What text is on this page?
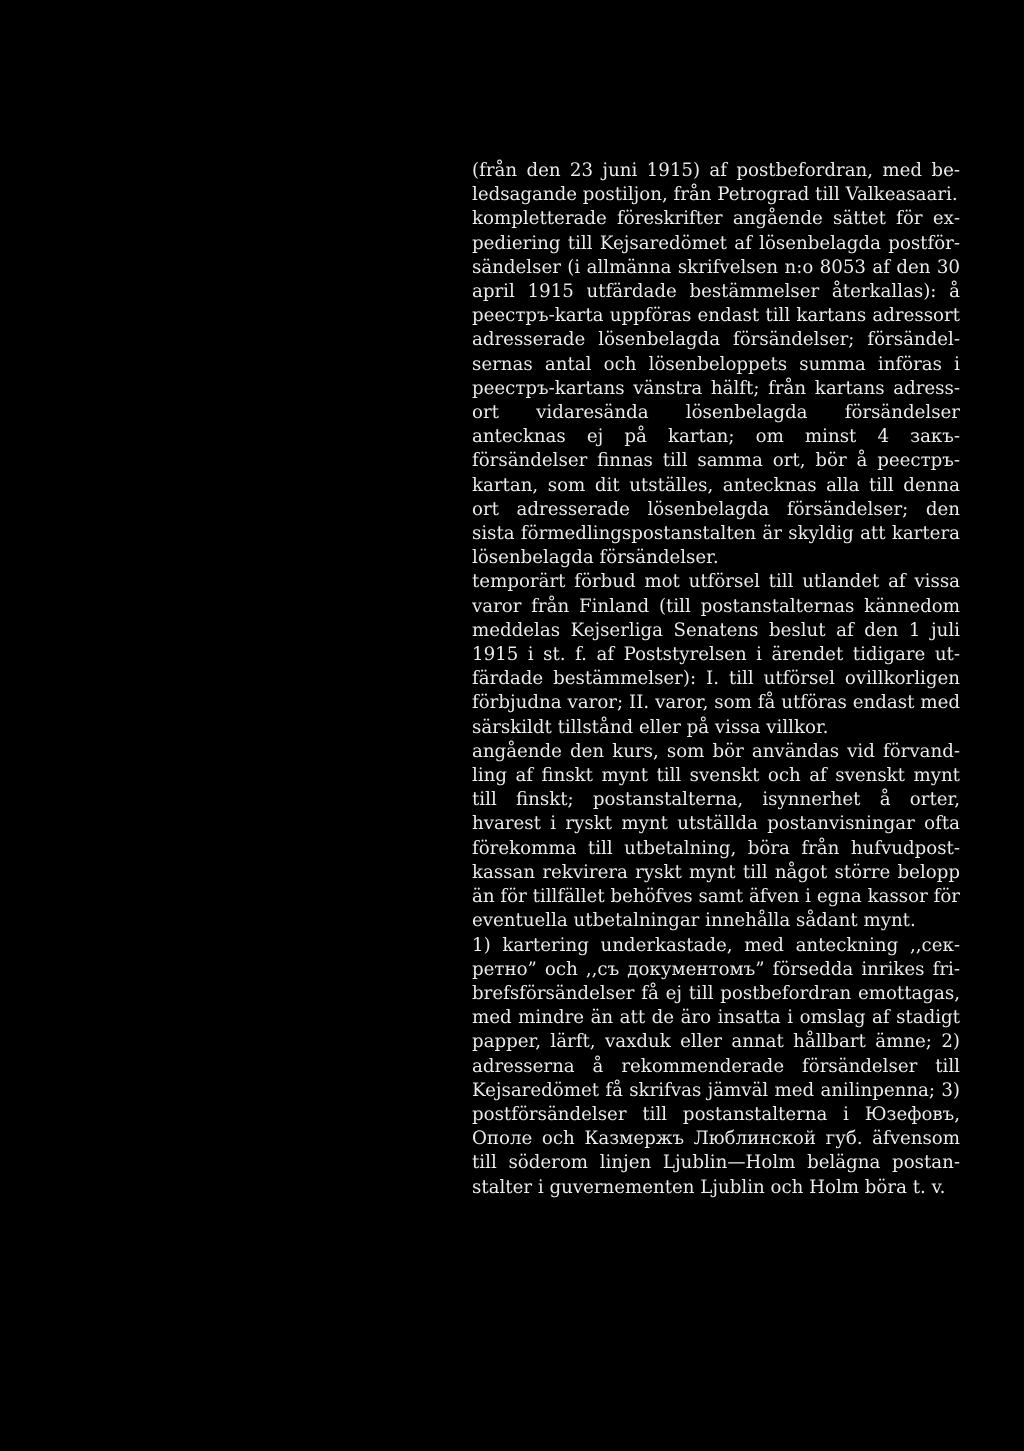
(från den 23 juni 1915) af postbefordran, med beledsagande postiljon, från Petrograd till Valkeasaari.

kompletterade föreskrifter angående sättet för expediering till Kejsaredömet af lösenbelagda postförsändelser (i allmänna skrifvelsen n:o 8053 af den 30 april 1915 utfärdade bestämmelser återkallas): å реестръ-karta uppföras endast till kartans adressort adresserade lösenbelagda försändelser; försändelsernas antal och lösenbeloppets summa införas i реестръ-kartans vänstra hälft; från kartans adressort vidaresända lösenbelagda försändelser antecknas ej på kartan; om minst 4 закъ-försändelser finnas till samma ort, bör å реестръ-kartan, som dit utställes, antecknas alla till denna ort adresserade lösenbelagda försändelser; den sista förmedlingspostanstalten är skyldig att kartera lösenbelagda försändelser.

temporärt förbud mot utförsel till utlandet af vissa varor från Finland (till postanstalternas kännedom meddelas Kejserliga Senatens beslut af den 1 juli 1915 i st. f. af Poststyrelsen i ärendet tidigare utfärdade bestämmelser): I. till utförsel ovillkorligen förbjudna varor; II. varor, som få utföras endast med särskildt tillstånd eller på vissa villkor.

angående den kurs, som bör användas vid förvandling af finskt mynt till svenskt och af svenskt mynt till finskt; postanstalterna, isynnerhet å orter, hvarest i ryskt mynt utställda postanvisningar ofta förekomma till utbetalning, böra från hufvudpostkassan rekvirera ryskt mynt till något större belopp än för tillfället behöfves samt äfven i egna kassor för eventuella utbetalningar innehålla sådant mynt.

1) kartering underkastade, med anteckning ,,секретно” och ,,съ документомъ” försedda inrikes fribrefsförsändelser få ej till postbefordran emottagas, med mindre än att de äro insatta i omslag af stadigt papper, lärft, vaxduk eller annat hållbart ämne; 2) adresserna å rekommenderade försändelser till Kejsaredömet få skrifvas jämväl med anilinpenna; 3) postförsändelser till postanstalterna i Юзефовъ, Ополе och Казмержъ Люблинской губ. äfvensom till söderom linjen Ljublin—Holm belägna postanstalter i guvernementen Ljublin och Holm böra t. v.
